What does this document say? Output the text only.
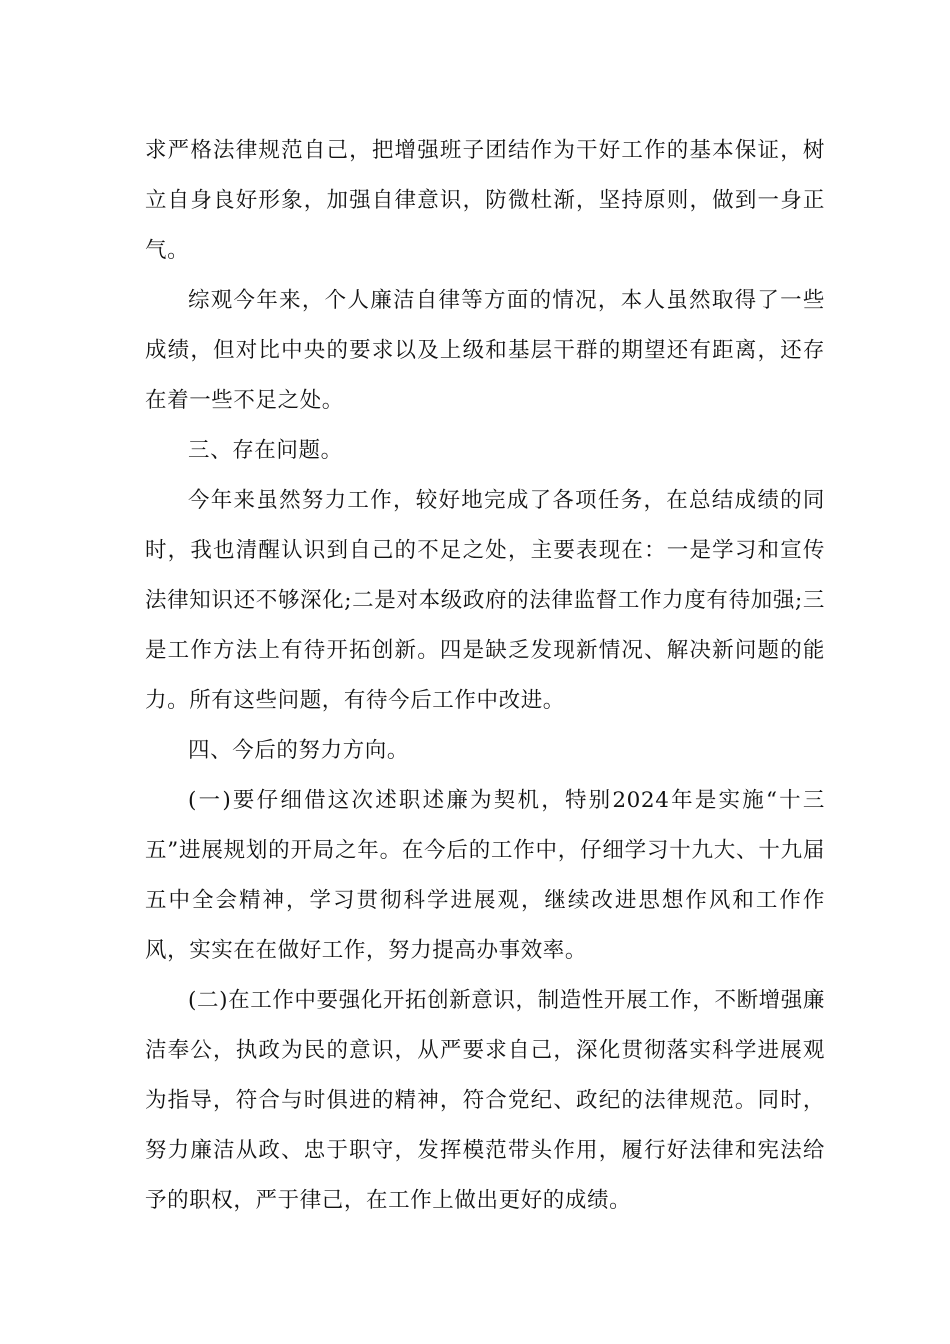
求严格法律规范自己，把增强班子团结作为干好工作的基本保证，树立自身良好形象，加强自律意识，防微杜渐，坚持原则，做到一身正气。

综观今年来，个人廉洁自律等方面的情况，本人虽然取得了一些成绩，但对比中央的要求以及上级和基层干群的期望还有距离，还存在着一些不足之处。

三、存在问题。

今年来虽然努力工作，较好地完成了各项任务，在总结成绩的同时，我也清醒认识到自己的不足之处，主要表现在：一是学习和宣传法律知识还不够深化;二是对本级政府的法律监督工作力度有待加强;三是工作方法上有待开拓创新。四是缺乏发现新情况、解决新问题的能力。所有这些问题，有待今后工作中改进。

四、今后的努力方向。

(一)要仔细借这次述职述廉为契机，特别2024年是实施“十三五”进展规划的开局之年。在今后的工作中，仔细学习十九大、十九届五中全会精神，学习贯彻科学进展观，继续改进思想作风和工作作风，实实在在做好工作，努力提高办事效率。

(二)在工作中要强化开拓创新意识，制造性开展工作，不断增强廉洁奉公，执政为民的意识，从严要求自己，深化贯彻落实科学进展观为指导，符合与时俱进的精神，符合党纪、政纪的法律规范。同时，努力廉洁从政、忠于职守，发挥模范带头作用，履行好法律和宪法给予的职权，严于律己，在工作上做出更好的成绩。
